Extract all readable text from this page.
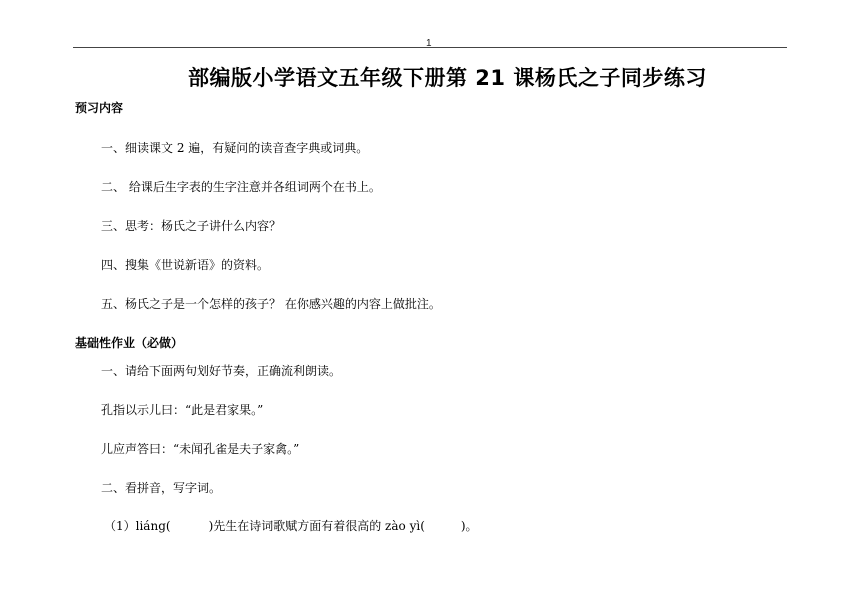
1
部编版小学语文五年级下册第 21 课杨氏之子同步练习
预习内容
一、细读课文 2 遍，有疑问的读音查字典或词典。
二、 给课后生字表的生字注意并各组词两个在书上。
三、思考：杨氏之子讲什么内容？
四、搜集《世说新语》的资料。
五、杨氏之子是一个怎样的孩子？ 在你感兴趣的内容上做批注。
基础性作业（必做）
一、请给下面两句划好节奏，正确流利朗读。
孔指以示儿曰：“此是君家果。”
儿应声答曰：“未闻孔雀是夫子家禽。”
二、看拼音，写字词。
（1）liáng(	)先生在诗词歌赋方面有着很高的 zào yì(	)。
